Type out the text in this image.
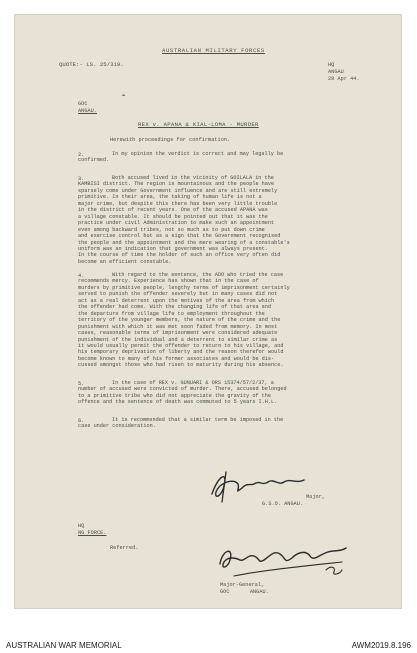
AUSTRALIAN MILITARY FORCES
QUOTE:- LS. 25/319.	HQ
ANGAU
28 Apr 44.
❧
GOC
ANGAU.
REX v. APANA & KIAL-LOMA - MURDER
Herewith proceedings for confirmation.
2.	In my opinion the verdict is correct and may legally be
confirmed.
3.	Both accused lived in the vicinity of GOILALA in the
KAMBISI district. The region is mountainous and the people have
sparsely come under Government influence and are still extremely
primitive. In their area, the taking of human life is not a
major crime, but despite this there has been very little trouble
in the district of recent years. One of the accused APANA was
a village constable. It should be pointed out that it was the
practice under civil Administration to make such an appointment
even among backward tribes, not so much as to put down crime
and exercise control but as a sign that the Government recognised
the people and the appointment and the mere wearing of a constable's
uniform was an indication that government was always present.
In the course of time the holder of such an office very often did
become an efficient constable.
4.	With regard to the sentence, the ADO who tried the case
recommends mercy. Experience has shown that in the case of
murders by primitive people, lengthy terms of imprisonment certainly
served to punish the offender severely but in many cases did not
act as a real deterrent upon the motives of the area from which
the offender had come. With the changing life of that area and
the departure from village life to employment throughout the
territory of the younger members, the nature of the crime and the
punishment with which it was met soon faded from memory. In most
cases, reasonable terms of imprisonment were considered adequate
punishment of the individual and a deterrent to similar crime as
it would usually permit the offender to return to his village, and
his temporary deprivation of liberty and the reason therefor would
become known to many of his former associates and would be dis-
cussed amongst those who had risen to maturity during his absence.
5.	In the case of REX v. GUNUARI & ORS 15374/57/2/37, a
number of accused were convicted of murder. There, accused belonged
to a primitive tribe who did not appreciate the gravity of the
offence and the sentence of death was commuted to 5 years I.H.L.
6.	It is recommended that a similar term be imposed in the
case under consideration.
Major,
G.S.O. ANGAU.
HQ
NG FORCE.
Referred.
Major-General,
GOC	ANGAU.
AUSTRALIAN WAR MEMORIAL	AWM2019.8.196
